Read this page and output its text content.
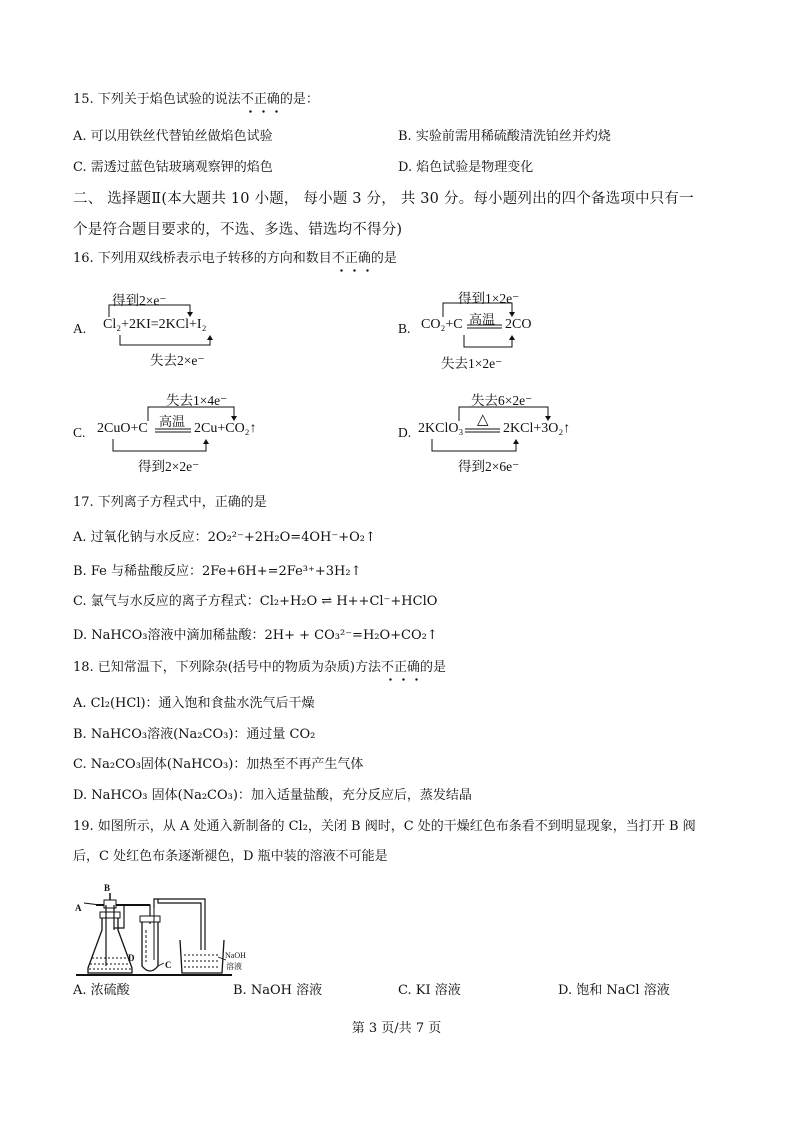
15. 下列关于焰色试验的说法不正确的是：
A. 可以用铁丝代替铂丝做焰色试验	B. 实验前需用稀硫酸清洗铂丝并灼烧
C. 需透过蓝色钴玻璃观察钾的焰色	D. 焰色试验是物理变化
二、 选择题Ⅱ(本大题共 10 小题， 每小题 3 分， 共 30 分。每小题列出的四个备选项中只有一
个是符合题目要求的，不选、多选、错选均不得分)
16. 下列用双线桥表示电子转移的方向和数目不正确的是
A.
得到2×e⁻
Cl₂+2KI=2KCl+I₂
失去2×e⁻
B.
得到1×2e⁻
高温
CO₂+C	2CO
失去1×2e⁻
C.
失去1×4e⁻
高温
2CuO+C	2Cu+CO₂↑
得到2×2e⁻
D.
失去6×2e⁻
△
2KClO₃	2KCl+3O₂↑
得到2×6e⁻
17. 下列离子方程式中，正确的是
A. 过氧化钠与水反应：2O₂²⁻+2H₂O=4OH⁻+O₂↑
B. Fe 与稀盐酸反应：2Fe+6H+=2Fe³⁺+3H₂↑
C. 氯气与水反应的离子方程式：Cl₂+H₂O ⇌ H++Cl⁻+HClO
D. NaHCO₃溶液中滴加稀盐酸：2H+ + CO₃²⁻=H₂O+CO₂↑
18. 已知常温下，下列除杂(括号中的物质为杂质)方法不正确的是
A. Cl₂(HCl)：通入饱和食盐水洗气后干燥
B. NaHCO₃溶液(Na₂CO₃)：通过量 CO₂
C. Na₂CO₃固体(NaHCO₃)：加热至不再产生气体
D. NaHCO₃ 固体(Na₂CO₃)：加入适量盐酸，充分反应后，蒸发结晶
19. 如图所示，从 A 处通入新制备的 Cl₂，关闭 B 阀时，C 处的干燥红色布条看不到明显现象，当打开 B 阀
后，C 处红色布条逐渐褪色，D 瓶中装的溶液不可能是
B
A
D
C
NaOH
溶液
A. 浓硫酸	B. NaOH 溶液	C. KI 溶液	D. 饱和 NaCl 溶液
第 3 页/共 7 页
